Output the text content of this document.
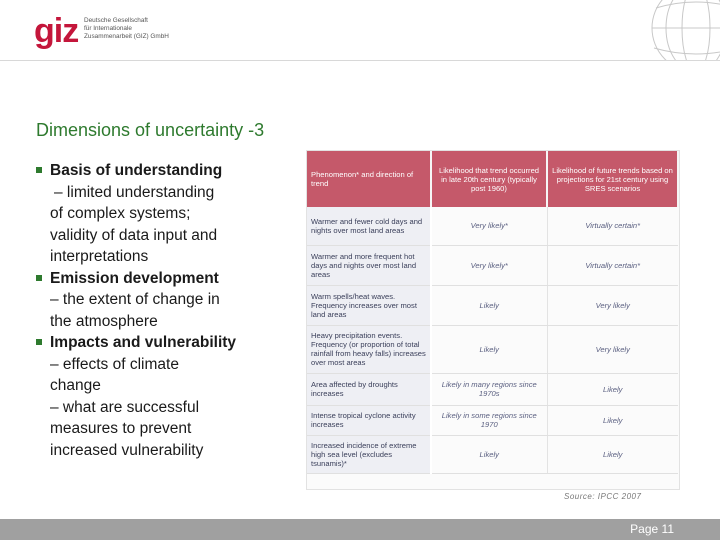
giz Deutsche Gesellschaft
für Internationale
Zusammenarbeit (GIZ) GmbH
Dimensions of uncertainty -3
Basis of understanding
– limited understanding
of complex systems;
validity of data input and
interpretations
Emission development
– the extent of change in
the atmosphere
Impacts and vulnerability
– effects of climate
change
– what are successful
measures to prevent
increased vulnerability
Phenomenon* and direction of trend	Likelihood that trend occurred in late 20th century (typically post 1960)	Likelihood of future trends based on projections for 21st century using SRES scenarios
Warmer and fewer cold days and nights over most land areas	Very likely*	Virtually certain*
Warmer and more frequent hot days and nights over most land areas	Very likely*	Virtually certain*
Warm spells/heat waves. Frequency increases over most land areas	Likely	Very likely
Heavy precipitation events. Frequency (or proportion of total rainfall from heavy falls) increases over most areas	Likely	Very likely
Area affected by droughts increases	Likely in many regions since 1970s	Likely
Intense tropical cyclone activity increases	Likely in some regions since 1970	Likely
Increased incidence of extreme high sea level (excludes tsunamis)*	Likely	Likely
Source: IPCC 2007
Page 11
